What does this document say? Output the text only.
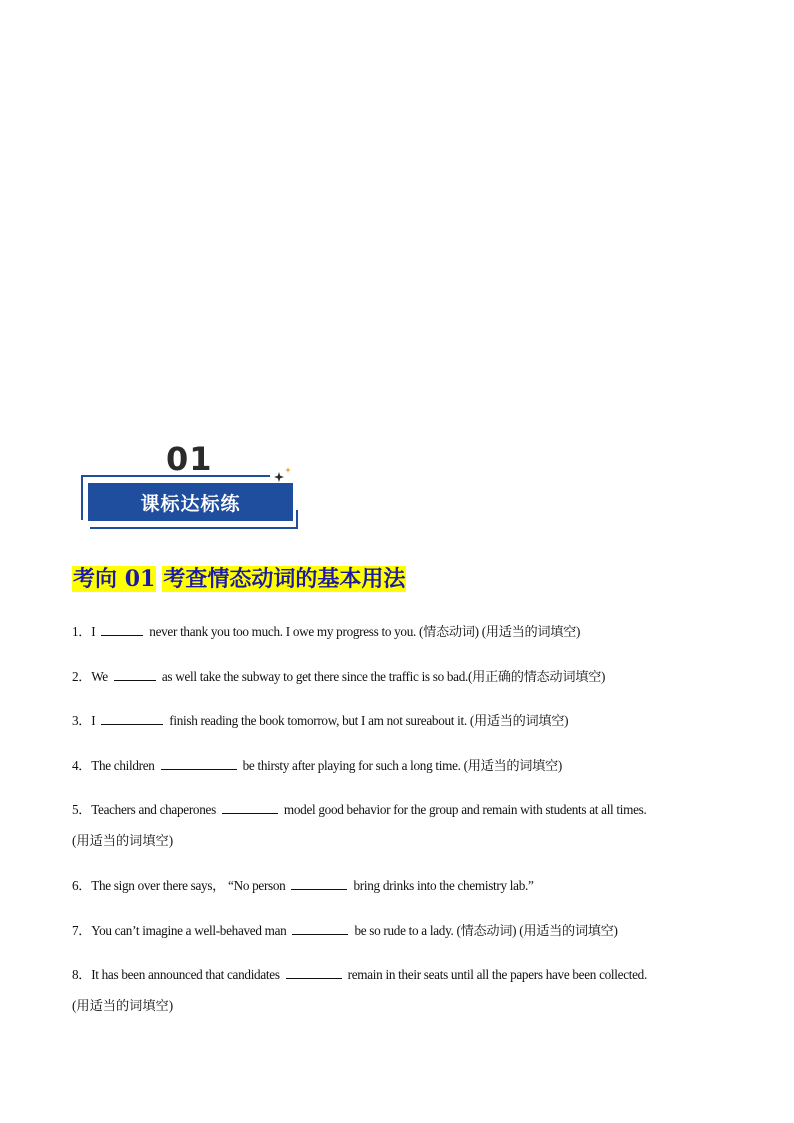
01
课标达标练
考向 01 考查情态动词的基本用法

1．I	never thank you too much. I owe my progress to you. (情态动词) (用适当的词填空)

2．We	as well take the subway to get there since the traffic is so bad.(用正确的情态动词填空)

3．I	finish reading the book tomorrow, but I am not sureabout it. (用适当的词填空)

4．The children	be thirsty after playing for such a long time. (用适当的词填空)

5．Teachers and chaperones	model good behavior for the group and remain with students at all times.

(用适当的词填空)

6．The sign over there says， “No person	bring drinks into the chemistry lab.”

7．You can’t imagine a well-behaved man	be so rude to a lady. (情态动词) (用适当的词填空)

8．It has been announced that candidates	remain in their seats until all the papers have been collected.

(用适当的词填空)
